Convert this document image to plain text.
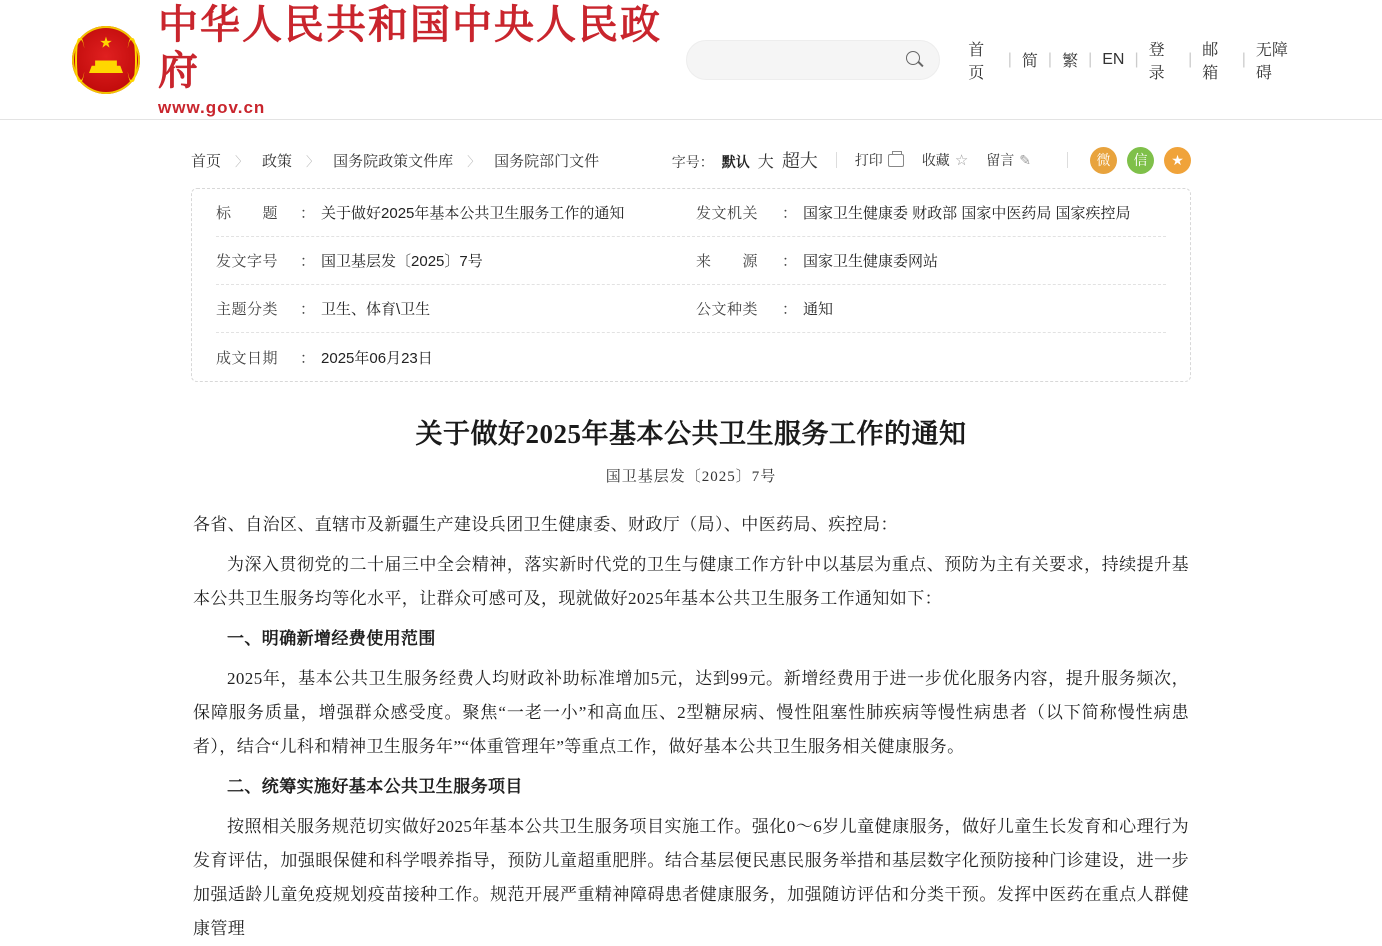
★ 中华人民共和国中央人民政府
www.gov.cn
首页
| 简 | 繁 | EN |
登录
|
邮箱
|
无障碍
首页 〉 政策 〉 国务院政策文件库 〉 国务院部门文件	字号： 默认 大 超大	打印	收藏 ☆ 留言 ✎	微	信	★
标　　题	： 关于做好2025年基本公共卫生服务工作的通知	发文机关	： 国家卫生健康委 财政部 国家中医药局 国家疾控局
发文字号	： 国卫基层发〔2025〕7号	来　　源	： 国家卫生健康委网站
主题分类	： 卫生、体育\卫生	公文种类	： 通知
成文日期	： 2025年06月23日
关于做好2025年基本公共卫生服务工作的通知
国卫基层发〔2025〕7号

各省、自治区、直辖市及新疆生产建设兵团卫生健康委、财政厅（局）、中医药局、疾控局：

为深入贯彻党的二十届三中全会精神，落实新时代党的卫生与健康工作方针中以基层为重点、预防为主有关要求，持续提升基本公共卫生服务均等化水平，让群众可感可及，现就做好2025年基本公共卫生服务工作通知如下：

一、明确新增经费使用范围

2025年，基本公共卫生服务经费人均财政补助标准增加5元，达到99元。新增经费用于进一步优化服务内容，提升服务频次，保障服务质量，增强群众感受度。聚焦“一老一小”和高血压、2型糖尿病、慢性阻塞性肺疾病等慢性病患者（以下简称慢性病患者），结合“儿科和精神卫生服务年”“体重管理年”等重点工作，做好基本公共卫生服务相关健康服务。

二、统筹实施好基本公共卫生服务项目

按照相关服务规范切实做好2025年基本公共卫生服务项目实施工作。强化0～6岁儿童健康服务，做好儿童生长发育和心理行为发育评估，加强眼保健和科学喂养指导，预防儿童超重肥胖。结合基层便民惠民服务举措和基层数字化预防接种门诊建设，进一步加强适龄儿童免疫规划疫苗接种工作。规范开展严重精神障碍患者健康服务，加强随访评估和分类干预。发挥中医药在重点人群健康管理
